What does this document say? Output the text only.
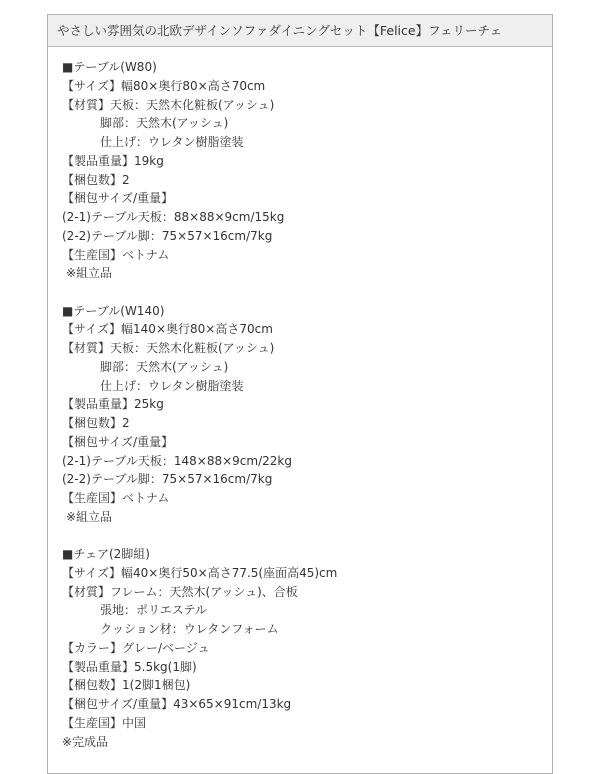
やさしい雰囲気の北欧デザインソファダイニングセット【Felice】フェリーチェ
■テーブル(W80)
【サイズ】幅80×奥行80×高さ70cm
【材質】天板：天然木化粧板(アッシュ)
脚部：天然木(アッシュ)
仕上げ：ウレタン樹脂塗装
【製品重量】19kg
【梱包数】2
【梱包サイズ/重量】
(2-1)テーブル天板：88×88×9cm/15kg
(2-2)テーブル脚：75×57×16cm/7kg
【生産国】ベトナム
※組立品
■テーブル(W140)
【サイズ】幅140×奥行80×高さ70cm
【材質】天板：天然木化粧板(アッシュ)
脚部：天然木(アッシュ)
仕上げ：ウレタン樹脂塗装
【製品重量】25kg
【梱包数】2
【梱包サイズ/重量】
(2-1)テーブル天板：148×88×9cm/22kg
(2-2)テーブル脚：75×57×16cm/7kg
【生産国】ベトナム
※組立品
■チェア(2脚組)
【サイズ】幅40×奥行50×高さ77.5(座面高45)cm
【材質】フレーム：天然木(アッシュ)、合板
張地：ポリエステル
クッション材：ウレタンフォーム
【カラー】グレー/ベージュ
【製品重量】5.5kg(1脚)
【梱包数】1(2脚1梱包)
【梱包サイズ/重量】43×65×91cm/13kg
【生産国】中国
※完成品
